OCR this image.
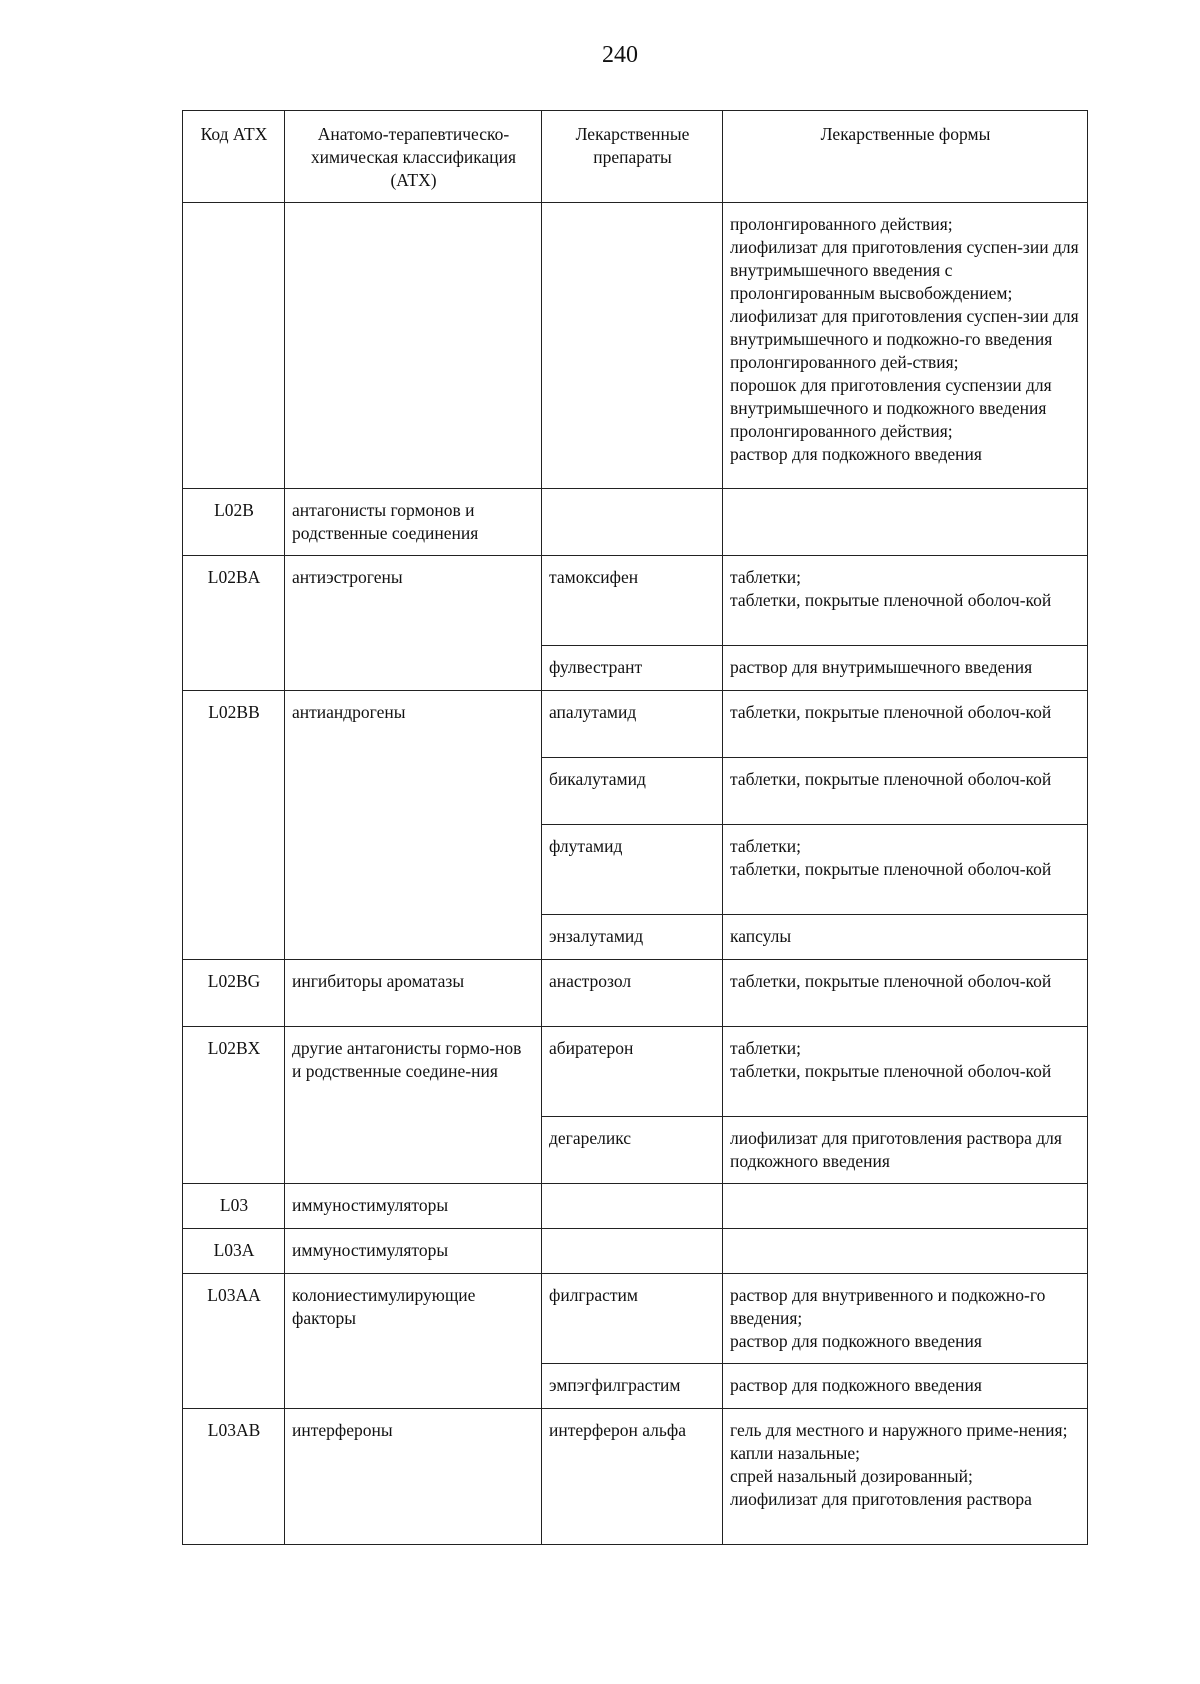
240
Код АТХ	Анатомо-терапевтическо-химическая классификация (АТХ)	Лекарственные препараты	Лекарственные формы

			пролонгированного действия;
лиофилизат для приготовления суспен-зии для внутримышечного введения с пролонгированным высвобождением;
лиофилизат для приготовления суспен-зии для внутримышечного и подкожно-го введения пролонгированного дей-ствия;
порошок для приготовления суспензии для внутримышечного и подкожного введения пролонгированного действия;
раствор для подкожного введения

L02B	антагонисты гормонов и родственные соединения		
L02BA	антиэстрогены	тамоксифен	таблетки;
таблетки, покрытые пленочной оболоч-кой

		фулвестрант	раствор для внутримышечного введения

L02BB	антиандрогены	апалутамид	таблетки, покрытые пленочной оболоч-кой

		бикалутамид	таблетки, покрытые пленочной оболоч-кой

		флутамид	таблетки;
таблетки, покрытые пленочной оболоч-кой

		энзалутамид	капсулы

L02BG	ингибиторы ароматазы	анастрозол	таблетки, покрытые пленочной оболоч-кой

L02BX	другие антагонисты гормо-нов и родственные соедине-ния	абиратерон	таблетки;
таблетки, покрытые пленочной оболоч-кой

		дегареликс	лиофилизат для приготовления раствора для подкожного введения

L03	иммуностимуляторы		
L03A	иммуностимуляторы		
L03AA	колониестимулирующие факторы	филграстим	раствор для внутривенного и подкожно-го введения;
раствор для подкожного введения

		эмпэгфилграстим	раствор для подкожного введения

L03AB	интерфероны	интерферон альфа	гель для местного и наружного приме-нения;
капли назальные;
спрей назальный дозированный;
лиофилизат для приготовления раствора
